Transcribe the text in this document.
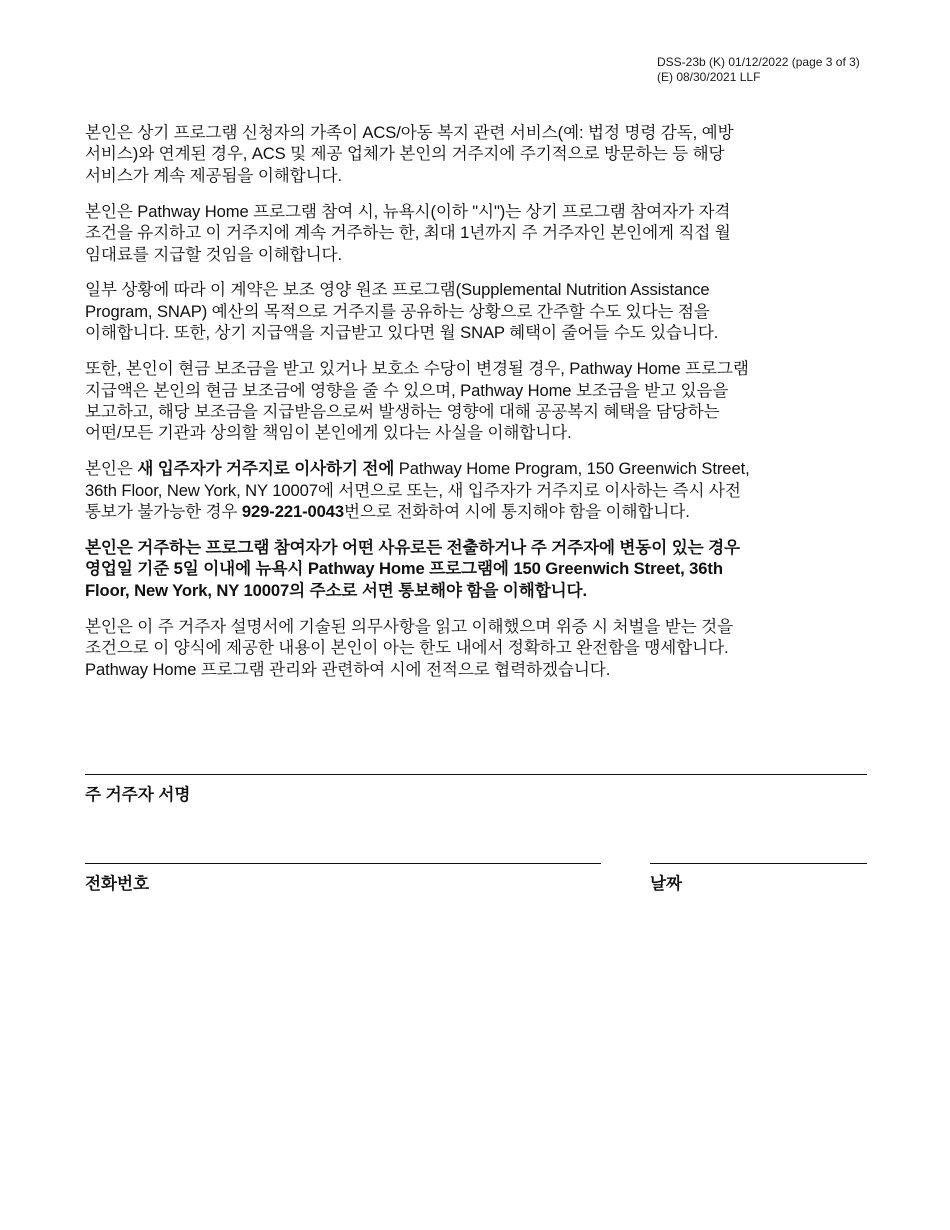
DSS-23b (K) 01/12/2022 (page 3 of 3)
(E) 08/30/2021 LLF

본인은 상기 프로그램 신청자의 가족이 ACS/아동 복지 관련 서비스(예: 법정 명령 감독, 예방
서비스)와 연계된 경우, ACS 및 제공 업체가 본인의 거주지에 주기적으로 방문하는 등 해당
서비스가 계속 제공됨을 이해합니다.

본인은 Pathway Home 프로그램 참여 시, 뉴욕시(이하 "시")는 상기 프로그램 참여자가 자격
조건을 유지하고 이 거주지에 계속 거주하는 한, 최대 1년까지 주 거주자인 본인에게 직접 월
임대료를 지급할 것임을 이해합니다.

일부 상황에 따라 이 계약은 보조 영양 원조 프로그램(Supplemental Nutrition Assistance
Program, SNAP) 예산의 목적으로 거주지를 공유하는 상황으로 간주할 수도 있다는 점을
이해합니다. 또한, 상기 지급액을 지급받고 있다면 월 SNAP 혜택이 줄어들 수도 있습니다.

또한, 본인이 현금 보조금을 받고 있거나 보호소 수당이 변경될 경우, Pathway Home 프로그램
지급액은 본인의 현금 보조금에 영향을 줄 수 있으며, Pathway Home 보조금을 받고 있음을
보고하고, 해당 보조금을 지급받음으로써 발생하는 영향에 대해 공공복지 혜택을 담당하는
어떤/모든 기관과 상의할 책임이 본인에게 있다는 사실을 이해합니다.

본인은 새 입주자가 거주지로 이사하기 전에 Pathway Home Program, 150 Greenwich Street,
36th Floor, New York, NY 10007에 서면으로 또는, 새 입주자가 거주지로 이사하는 즉시 사전
통보가 불가능한 경우 929-221-0043번으로 전화하여 시에 통지해야 함을 이해합니다.

본인은 거주하는 프로그램 참여자가 어떤 사유로든 전출하거나 주 거주자에 변동이 있는 경우
영업일 기준 5일 이내에 뉴욕시 Pathway Home 프로그램에 150 Greenwich Street, 36th
Floor, New York, NY 10007의 주소로 서면 통보해야 함을 이해합니다.

본인은 이 주 거주자 설명서에 기술된 의무사항을 읽고 이해했으며 위증 시 처벌을 받는 것을
조건으로 이 양식에 제공한 내용이 본인이 아는 한도 내에서 정확하고 완전함을 맹세합니다.
Pathway Home 프로그램 관리와 관련하여 시에 전적으로 협력하겠습니다.

주 거주자 서명
전화번호	날짜
